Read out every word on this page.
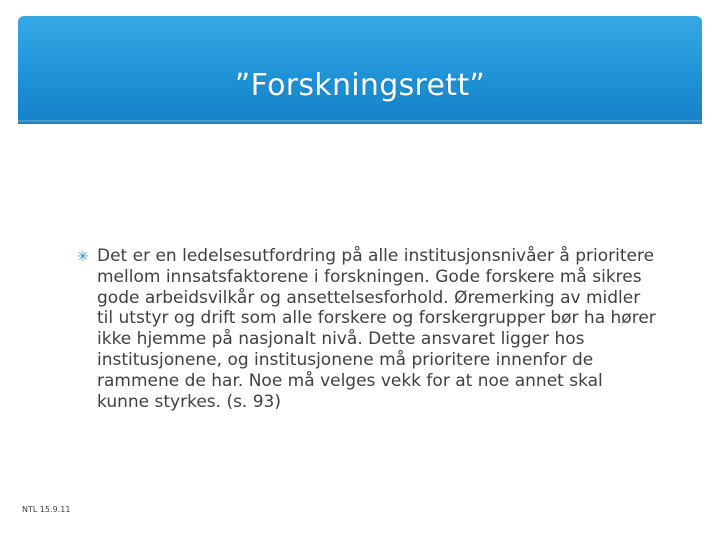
”Forskningsrett”
✳ Det er en ledelsesutfordring på alle institusjonsnivåer å prioritere mellom innsatsfaktorene i forskningen. Gode forskere må sikres gode arbeidsvilkår og ansettelsesforhold. Øremerking av midler til utstyr og drift som alle forskere og forskergrupper bør ha hører ikke hjemme på nasjonalt nivå. Dette ansvaret ligger hos institusjonene, og institusjonene må prioritere innenfor de rammene de har. Noe må velges vekk for at noe annet skal kunne styrkes. (s. 93)

NTL 15.9.11
